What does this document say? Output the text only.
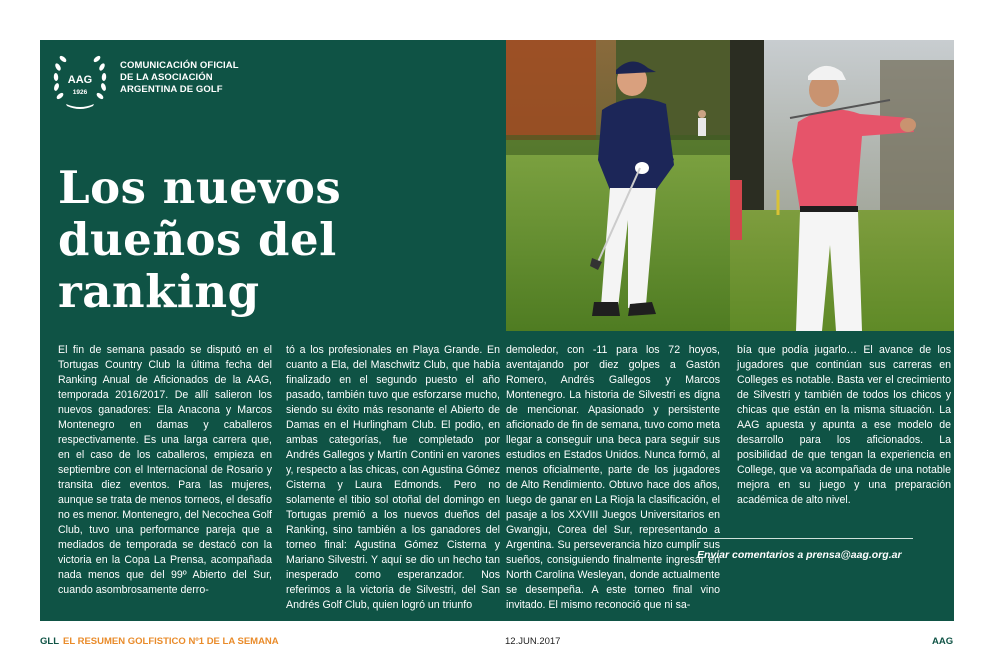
AAG
1926
COMUNICACIÓN OFICIAL
DE LA ASOCIACIÓN
ARGENTINA DE GOLF
Los nuevos
dueños del
ranking

El fin de semana pasado se disputó en el Tortugas Country Club la última fecha del Ranking Anual de Aficionados de la AAG, temporada 2016/2017. De allí salieron los nuevos ganadores: Ela Anacona y Marcos Montenegro en damas y caballeros respectivamente. Es una larga carrera que, en el caso de los caballeros, empieza en septiembre con el Internacional de Rosario y transita diez eventos. Para las mujeres, aunque se trata de menos torneos, el desafío no es menor. Montenegro, del Necochea Golf Club, tuvo una performance pareja que a mediados de temporada se destacó con la victoria en la Copa La Prensa, acompañada nada menos que del 99º Abierto del Sur, cuando asombrosamente derro-

tó a los profesionales en Playa Grande. En cuanto a Ela, del Maschwitz Club, que había finalizado en el segundo puesto el año pasado, también tuvo que esforzarse mucho, siendo su éxito más resonante el Abierto de Damas en el Hurlingham Club. El podio, en ambas categorías, fue completado por Andrés Gallegos y Martín Contini en varones y, respecto a las chicas, con Agustina Gómez Cisterna y Laura Edmonds. Pero no solamente el tibio sol otoñal del domingo en Tortugas premió a los nuevos dueños del Ranking, sino también a los ganadores del torneo final: Agustina Gómez Cisterna y Mariano Silvestri. Y aquí se dio un hecho tan inesperado como esperanzador. Nos referimos a la victoria de Silvestri, del San Andrés Golf Club, quien logró un triunfo

demoledor, con -11 para los 72 hoyos, aventajando por diez golpes a Gastón Romero, Andrés Gallegos y Marcos Montenegro. La historia de Silvestri es digna de mencionar. Apasionado y persistente aficionado de fin de semana, tuvo como meta llegar a conseguir una beca para seguir sus estudios en Estados Unidos. Nunca formó, al menos oficialmente, parte de los jugadores de Alto Rendimiento. Obtuvo hace dos años, luego de ganar en La Rioja la clasificación, el pasaje a los XXVIII Juegos Universitarios en Gwangju, Corea del Sur, representando a Argentina. Su perseverancia hizo cumplir sus sueños, consiguiendo finalmente ingresar en North Carolina Wesleyan, donde actualmente se desempeña. A este torneo final vino invitado. El mismo reconoció que ni sa-

bía que podía jugarlo… El avance de los jugadores que continúan sus carreras en Colleges es notable. Basta ver el crecimiento de Silvestri y también de todos los chicos y chicas que están en la misma situación. La AAG apuesta y apunta a ese modelo de desarrollo para los aficionados. La posibilidad de que tengan la experiencia en College, que va acompañada de una notable mejora en su juego y una preparación académica de alto nivel.

Enviar comentarios a prensa@aag.org.ar
GLL EL RESUMEN GOLFISTICO Nº1 DE LA SEMANA	12.JUN.2017	AAG
